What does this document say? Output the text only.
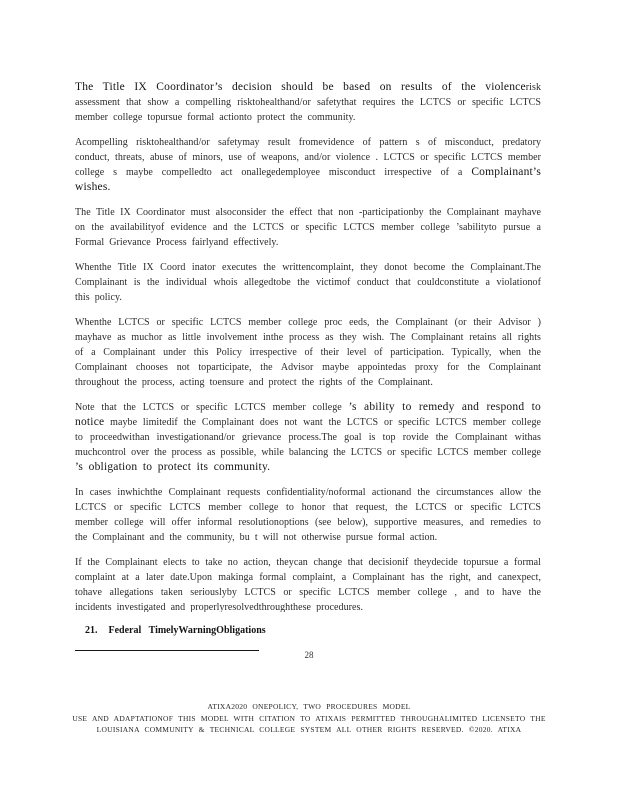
The Title IX Coordinator’s decision should be based on results of the violencerisk assessment that show a compelling risktohealthand/or safetythat requires the LCTCS or specific LCTCS member college topursue formal actionto protect the community.

Acompelling risktohealthand/or safetymay result fromevidence of pattern s of misconduct, predatory conduct, threats, abuse of minors, use of weapons, and/or violence . LCTCS or specific LCTCS member college s maybe compelledto act onallegedemployee misconduct irrespective of a Complainant’s wishes.

The Title IX Coordinator must alsoconsider the effect that non -participationby the Complainant mayhave on the availabilityof evidence and the LCTCS or specific LCTCS member college ’sabilityto pursue a Formal Grievance Process fairlyand effectively.

Whenthe Title IX Coord inator executes the writtencomplaint, they donot become the Complainant.The Complainant is the individual whois allegedtobe the victimof conduct that couldconstitute a violationof this policy.

Whenthe LCTCS or specific LCTCS member college proc eeds, the Complainant (or their Advisor ) mayhave as muchor as little involvement inthe process as they wish. The Complainant retains all rights of a Complainant under this Policy irrespective of their level of participation. Typically, when the Complainant chooses not toparticipate, the Advisor maybe appointedas proxy for the Complainant throughout the process, acting toensure and protect the rights of the Complainant.

Note that the LCTCS or specific LCTCS member college ’s ability to remedy and respond to notice maybe limitedif the Complainant does not want the LCTCS or specific LCTCS member college to proceedwithan investigationand/or grievance process.The goal is top rovide the Complainant withas muchcontrol over the process as possible, while balancing the LCTCS or specific LCTCS member college ’s obligation to protect its community.

In cases inwhichthe Complainant requests confidentiality/noformal actionand the circumstances allow the LCTCS or specific LCTCS member college to honor that request, the LCTCS or specific LCTCS member college will offer informal resolutionoptions (see below), supportive measures, and remedies to the Complainant and the community, bu t will not otherwise pursue formal action.

If the Complainant elects to take no action, theycan change that decisionif theydecide topursue a formal complaint at a later date.Upon makinga formal complaint, a Complainant has the right, and canexpect, tohave allegations taken seriouslyby LCTCS or specific LCTCS member college , and to have the incidents investigated and properlyresolvedthroughthese procedures.

21. Federal   TimelyWarningObligations

28
ATIXA2020 ONEPOLICY, TWO PROCEDURES MODEL
USE AND ADAPTATIONOF THIS MODEL WITH CITATION TO ATIXAIS PERMITTED THROUGHALIMITED LICENSETO THE
LOUISIANA COMMUNITY & TECHNICAL COLLEGE SYSTEM ALL OTHER RIGHTS RESERVED. ©2020. ATIXA
